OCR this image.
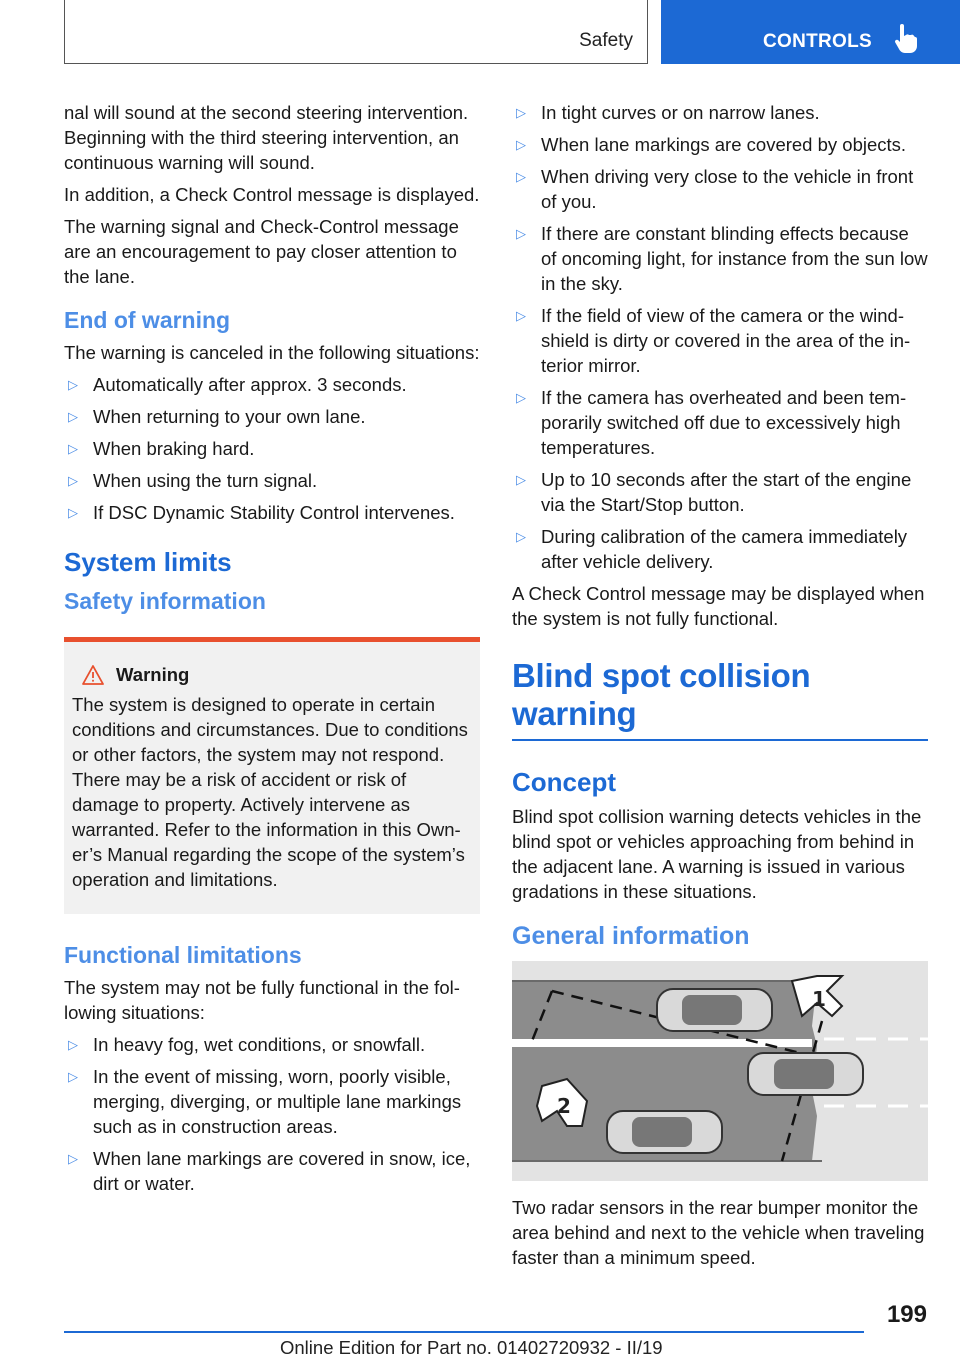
Safety	CONTROLS

nal will sound at the second steering intervention. Beginning with the third steering intervention, an continuous warning will sound.

In addition, a Check Control message is displayed.

The warning signal and Check-Control message are an encouragement to pay closer attention to the lane.

End of warning

The warning is canceled in the following situations:

▷ Automatically after approx. 3 seconds.
▷ When returning to your own lane.
▷ When braking hard.
▷ When using the turn signal.
▷ If DSC Dynamic Stability Control intervenes.
System limits
Safety information
Warning

The system is designed to operate in certain conditions and circumstances. Due to conditions or other factors, the system may not respond. There may be a risk of accident or risk of damage to property. Actively intervene as warranted. Refer to the information in this Owner’s Manual regarding the scope of the system’s operation and limitations.

Functional limitations

The system may not be fully functional in the following situations:

▷ In heavy fog, wet conditions, or snowfall.
▷ In the event of missing, worn, poorly visible, merging, diverging, or multiple lane markings such as in construction areas.
▷ When lane markings are covered in snow, ice, dirt or water.
▷ In tight curves or on narrow lanes.
▷ When lane markings are covered by objects.
▷ When driving very close to the vehicle in front of you.
▷ If there are constant blinding effects because of oncoming light, for instance from the sun low in the sky.
▷ If the field of view of the camera or the windshield is dirty or covered in the area of the interior mirror.
▷ If the camera has overheated and been temporarily switched off due to excessively high temperatures.
▷ Up to 10 seconds after the start of the engine via the Start/Stop button.
▷ During calibration of the camera immediately after vehicle delivery.

A Check Control message may be displayed when the system is not fully functional.

Blind spot collision warning
Concept

Blind spot collision warning detects vehicles in the blind spot or vehicles approaching from behind in the adjacent lane. A warning is issued in various gradations in these situations.

General information
1
2

Two radar sensors in the rear bumper monitor the area behind and next to the vehicle when traveling faster than a minimum speed.

199
Online Edition for Part no. 01402720932 - II/19
